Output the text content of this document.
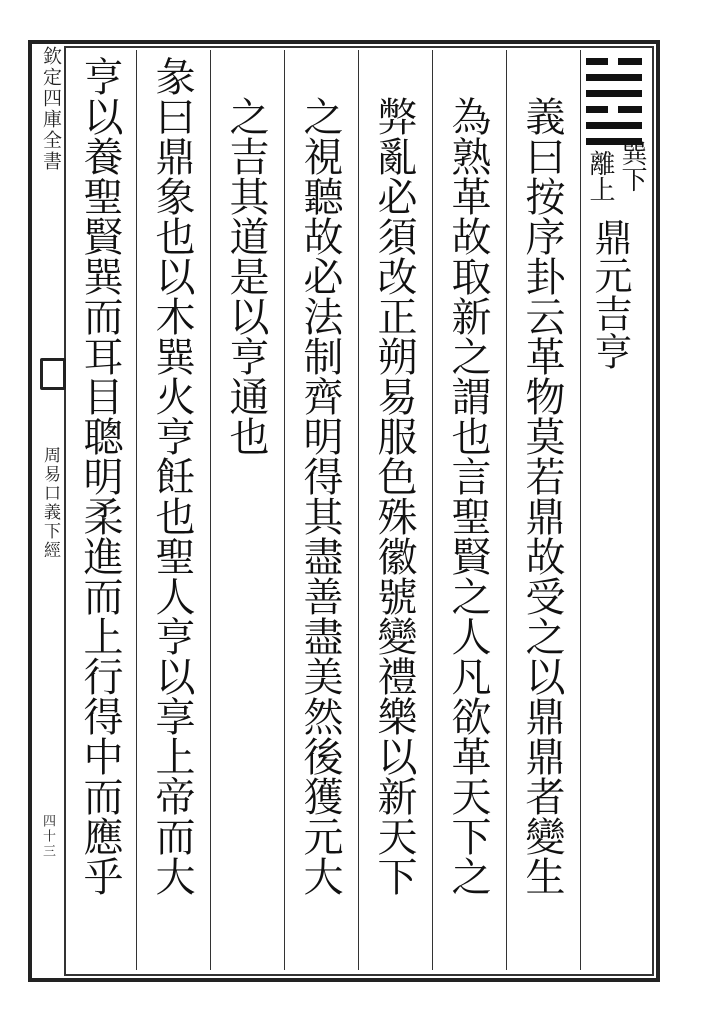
欽定四庫全書
周易口義下經
四十三
巽下
離上
鼎元吉亨
義曰按序卦云革物莫若鼎故受之以鼎鼎者變生
為熟革故取新之謂也言聖賢之人凡欲革天下之
弊亂必須改正朔易服色殊徽號變禮樂以新天下
之視聽故必法制齊明得其盡善盡美然後獲元大
之吉其道是以亨通也
彖曰鼎象也以木巽火亨飪也聖人亨以享上帝而大
亨以養聖賢巽而耳目聰明柔進而上行得中而應乎
